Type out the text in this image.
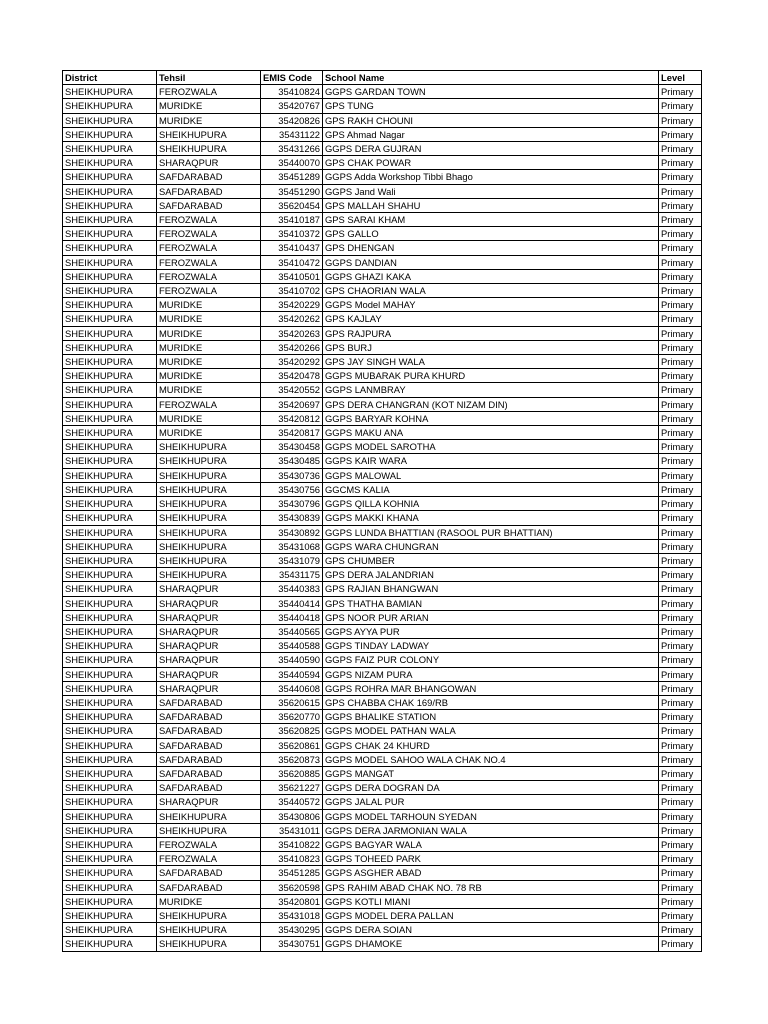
District	Tehsil	EMIS Code	School Name	Level
SHEIKHUPURA	FEROZWALA	35410824	GGPS GARDAN TOWN	Primary
SHEIKHUPURA	MURIDKE	35420767	GPS TUNG	Primary
SHEIKHUPURA	MURIDKE	35420826	GPS RAKH CHOUNI	Primary
SHEIKHUPURA	SHEIKHUPURA	35431122	GPS Ahmad Nagar	Primary
SHEIKHUPURA	SHEIKHUPURA	35431266	GGPS DERA GUJRAN	Primary
SHEIKHUPURA	SHARAQPUR	35440070	GPS CHAK POWAR	Primary
SHEIKHUPURA	SAFDARABAD	35451289	GGPS Adda Workshop Tibbi Bhago	Primary
SHEIKHUPURA	SAFDARABAD	35451290	GGPS Jand Wali	Primary
SHEIKHUPURA	SAFDARABAD	35620454	GPS MALLAH SHAHU	Primary
SHEIKHUPURA	FEROZWALA	35410187	GPS SARAI KHAM	Primary
SHEIKHUPURA	FEROZWALA	35410372	GPS GALLO	Primary
SHEIKHUPURA	FEROZWALA	35410437	GPS DHENGAN	Primary
SHEIKHUPURA	FEROZWALA	35410472	GGPS DANDIAN	Primary
SHEIKHUPURA	FEROZWALA	35410501	GGPS GHAZI KAKA	Primary
SHEIKHUPURA	FEROZWALA	35410702	GPS CHAORIAN WALA	Primary
SHEIKHUPURA	MURIDKE	35420229	GGPS Model MAHAY	Primary
SHEIKHUPURA	MURIDKE	35420262	GPS KAJLAY	Primary
SHEIKHUPURA	MURIDKE	35420263	GPS RAJPURA	Primary
SHEIKHUPURA	MURIDKE	35420266	GPS BURJ	Primary
SHEIKHUPURA	MURIDKE	35420292	GPS JAY SINGH WALA	Primary
SHEIKHUPURA	MURIDKE	35420478	GGPS MUBARAK PURA KHURD	Primary
SHEIKHUPURA	MURIDKE	35420552	GGPS LANMBRAY	Primary
SHEIKHUPURA	FEROZWALA	35420697	GPS DERA CHANGRAN (KOT NIZAM DIN)	Primary
SHEIKHUPURA	MURIDKE	35420812	GGPS BARYAR KOHNA	Primary
SHEIKHUPURA	MURIDKE	35420817	GGPS MAKU ANA	Primary
SHEIKHUPURA	SHEIKHUPURA	35430458	GGPS MODEL SAROTHA	Primary
SHEIKHUPURA	SHEIKHUPURA	35430485	GGPS KAIR WARA	Primary
SHEIKHUPURA	SHEIKHUPURA	35430736	GGPS MALOWAL	Primary
SHEIKHUPURA	SHEIKHUPURA	35430756	GGCMS KALIA	Primary
SHEIKHUPURA	SHEIKHUPURA	35430796	GGPS QILLA KOHNIA	Primary
SHEIKHUPURA	SHEIKHUPURA	35430839	GGPS MAKKI KHANA	Primary
SHEIKHUPURA	SHEIKHUPURA	35430892	GGPS LUNDA BHATTIAN (RASOOL PUR BHATTIAN)	Primary
SHEIKHUPURA	SHEIKHUPURA	35431068	GGPS WARA CHUNGRAN	Primary
SHEIKHUPURA	SHEIKHUPURA	35431079	GPS CHUMBER	Primary
SHEIKHUPURA	SHEIKHUPURA	35431175	GPS DERA JALANDRIAN	Primary
SHEIKHUPURA	SHARAQPUR	35440383	GPS RAJIAN BHANGWAN	Primary
SHEIKHUPURA	SHARAQPUR	35440414	GPS THATHA BAMIAN	Primary
SHEIKHUPURA	SHARAQPUR	35440418	GPS NOOR PUR ARIAN	Primary
SHEIKHUPURA	SHARAQPUR	35440565	GGPS AYYA PUR	Primary
SHEIKHUPURA	SHARAQPUR	35440588	GGPS TINDAY LADWAY	Primary
SHEIKHUPURA	SHARAQPUR	35440590	GGPS FAIZ PUR COLONY	Primary
SHEIKHUPURA	SHARAQPUR	35440594	GGPS NIZAM PURA	Primary
SHEIKHUPURA	SHARAQPUR	35440608	GGPS ROHRA MAR BHANGOWAN	Primary
SHEIKHUPURA	SAFDARABAD	35620615	GPS CHABBA CHAK 169/RB	Primary
SHEIKHUPURA	SAFDARABAD	35620770	GGPS BHALIKE STATION	Primary
SHEIKHUPURA	SAFDARABAD	35620825	GGPS MODEL PATHAN WALA	Primary
SHEIKHUPURA	SAFDARABAD	35620861	GGPS CHAK 24 KHURD	Primary
SHEIKHUPURA	SAFDARABAD	35620873	GGPS MODEL SAHOO WALA CHAK NO.4	Primary
SHEIKHUPURA	SAFDARABAD	35620885	GGPS MANGAT	Primary
SHEIKHUPURA	SAFDARABAD	35621227	GGPS DERA DOGRAN DA	Primary
SHEIKHUPURA	SHARAQPUR	35440572	GGPS JALAL PUR	Primary
SHEIKHUPURA	SHEIKHUPURA	35430806	GGPS MODEL TARHOUN SYEDAN	Primary
SHEIKHUPURA	SHEIKHUPURA	35431011	GGPS DERA JARMONIAN WALA	Primary
SHEIKHUPURA	FEROZWALA	35410822	GGPS BAGYAR WALA	Primary
SHEIKHUPURA	FEROZWALA	35410823	GGPS TOHEED PARK	Primary
SHEIKHUPURA	SAFDARABAD	35451285	GGPS ASGHER ABAD	Primary
SHEIKHUPURA	SAFDARABAD	35620598	GPS RAHIM ABAD CHAK NO. 78 RB	Primary
SHEIKHUPURA	MURIDKE	35420801	GGPS KOTLI MIANI	Primary
SHEIKHUPURA	SHEIKHUPURA	35431018	GGPS MODEL DERA PALLAN	Primary
SHEIKHUPURA	SHEIKHUPURA	35430295	GGPS DERA SOIAN	Primary
SHEIKHUPURA	SHEIKHUPURA	35430751	GGPS DHAMOKE	Primary
